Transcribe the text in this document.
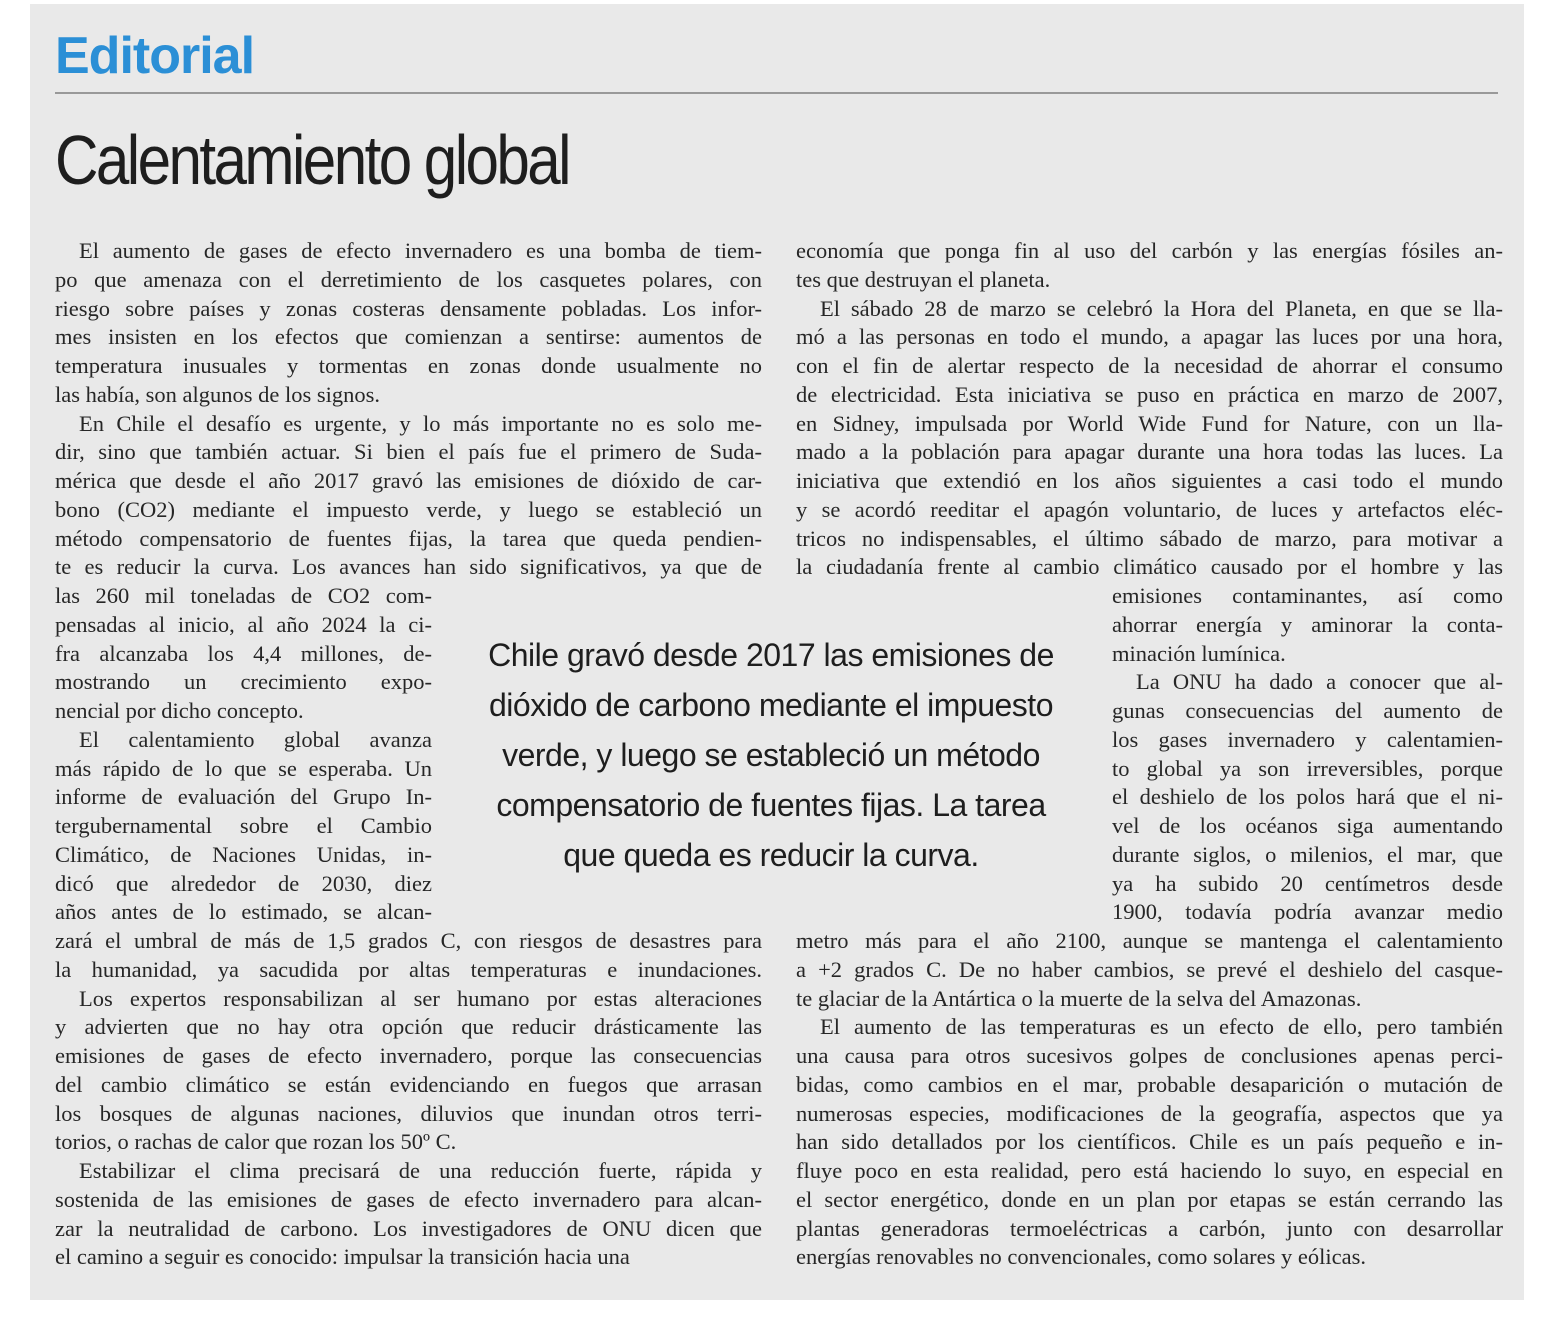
Editorial
Calentamiento global
Chile gravó desde 2017 las emisiones de
dióxido de carbono mediante el impuesto
verde, y luego se estableció un método
compensatorio de fuentes fijas. La tarea
que queda es reducir la curva.
El aumento de gases de efecto invernadero es una bomba de tiem-
po que amenaza con el derretimiento de los casquetes polares, con
riesgo sobre países y zonas costeras densamente pobladas. Los infor-
mes insisten en los efectos que comienzan a sentirse: aumentos de
temperatura inusuales y tormentas en zonas donde usualmente no
las había, son algunos de los signos.
En Chile el desafío es urgente, y lo más importante no es solo me-
dir, sino que también actuar. Si bien el país fue el primero de Suda-
mérica que desde el año 2017 gravó las emisiones de dióxido de car-
bono (CO2) mediante el impuesto verde, y luego se estableció un
método compensatorio de fuentes fijas, la tarea que queda pendien-
te es reducir la curva. Los avances han sido significativos, ya que de
las 260 mil toneladas de CO2 com-
pensadas al inicio, al año 2024 la ci-
fra alcanzaba los 4,4 millones, de-
mostrando un crecimiento expo-
nencial por dicho concepto.
El calentamiento global avanza
más rápido de lo que se esperaba. Un
informe de evaluación del Grupo In-
tergubernamental sobre el Cambio
Climático, de Naciones Unidas, in-
dicó que alrededor de 2030, diez
años antes de lo estimado, se alcan-
zará el umbral de más de 1,5 grados C, con riesgos de desastres para
la humanidad, ya sacudida por altas temperaturas e inundaciones.
Los expertos responsabilizan al ser humano por estas alteraciones
y advierten que no hay otra opción que reducir drásticamente las
emisiones de gases de efecto invernadero, porque las consecuencias
del cambio climático se están evidenciando en fuegos que arrasan
los bosques de algunas naciones, diluvios que inundan otros terri-
torios, o rachas de calor que rozan los 50º C.
Estabilizar el clima precisará de una reducción fuerte, rápida y
sostenida de las emisiones de gases de efecto invernadero para alcan-
zar la neutralidad de carbono. Los investigadores de ONU dicen que
el camino a seguir es conocido: impulsar la transición hacia una
economía que ponga fin al uso del carbón y las energías fósiles an-
tes que destruyan el planeta.
El sábado 28 de marzo se celebró la Hora del Planeta, en que se lla-
mó a las personas en todo el mundo, a apagar las luces por una hora,
con el fin de alertar respecto de la necesidad de ahorrar el consumo
de electricidad. Esta iniciativa se puso en práctica en marzo de 2007,
en Sidney, impulsada por World Wide Fund for Nature, con un lla-
mado a la población para apagar durante una hora todas las luces. La
iniciativa que extendió en los años siguientes a casi todo el mundo
y se acordó reeditar el apagón voluntario, de luces y artefactos eléc-
tricos no indispensables, el último sábado de marzo, para motivar a
la ciudadanía frente al cambio climático causado por el hombre y las
emisiones contaminantes, así como
ahorrar energía y aminorar la conta-
minación lumínica.
La ONU ha dado a conocer que al-
gunas consecuencias del aumento de
los gases invernadero y calentamien-
to global ya son irreversibles, porque
el deshielo de los polos hará que el ni-
vel de los océanos siga aumentando
durante siglos, o milenios, el mar, que
ya ha subido 20 centímetros desde
1900, todavía podría avanzar medio
metro más para el año 2100, aunque se mantenga el calentamiento
a +2 grados C. De no haber cambios, se prevé el deshielo del casque-
te glaciar de la Antártica o la muerte de la selva del Amazonas.
El aumento de las temperaturas es un efecto de ello, pero también
una causa para otros sucesivos golpes de conclusiones apenas perci-
bidas, como cambios en el mar, probable desaparición o mutación de
numerosas especies, modificaciones de la geografía, aspectos que ya
han sido detallados por los científicos. Chile es un país pequeño e in-
fluye poco en esta realidad, pero está haciendo lo suyo, en especial en
el sector energético, donde en un plan por etapas se están cerrando las
plantas generadoras termoeléctricas a carbón, junto con desarrollar
energías renovables no convencionales, como solares y eólicas.
